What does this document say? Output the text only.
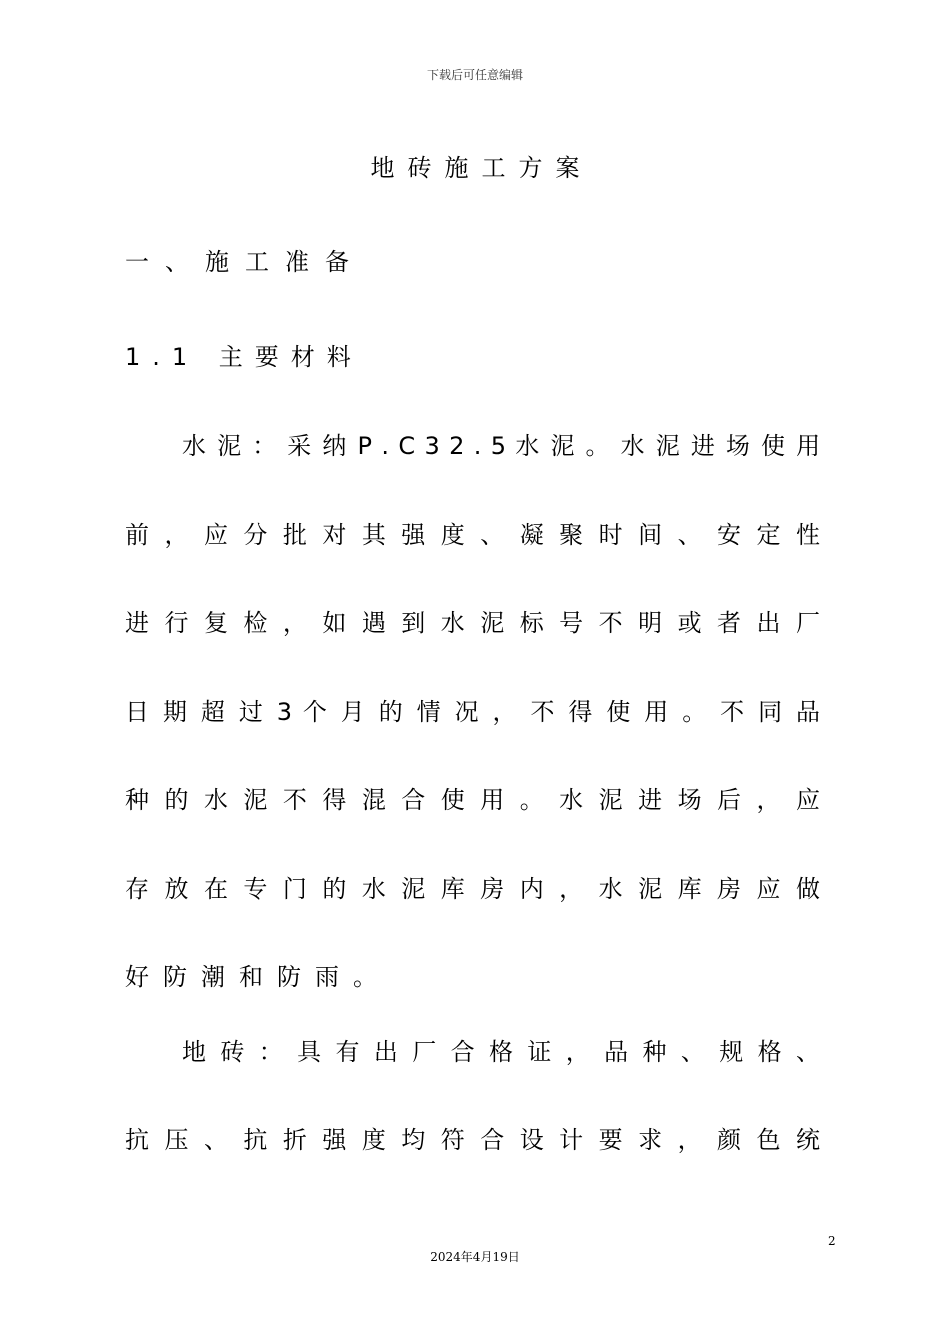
下载后可任意编辑
地砖施工方案
一、施工准备
1.1 主要材料
水 泥 ： 采 纳 P . C 3 2 . 5 水 泥 。 水 泥 进 场 使 用
前 ， 应 分 批 对 其 强 度 、 凝 聚 时 间 、 安 定 性
进 行 复 检 ， 如 遇 到 水 泥 标 号 不 明 或 者 出 厂
日 期 超 过 3 个 月 的 情 况 ， 不 得 使 用 。 不 同 品
种 的 水 泥 不 得 混 合 使 用 。 水 泥 进 场 后 ， 应
存 放 在 专 门 的 水 泥 库 房 内 ， 水 泥 库 房 应 做
好防潮和防雨。
地 砖 ： 具 有 出 厂 合 格 证 ， 品 种 、 规 格 、
抗 压 、 抗 折 强 度 均 符 合 设 计 要 求 ， 颜 色 统
2
2024年4月19日
